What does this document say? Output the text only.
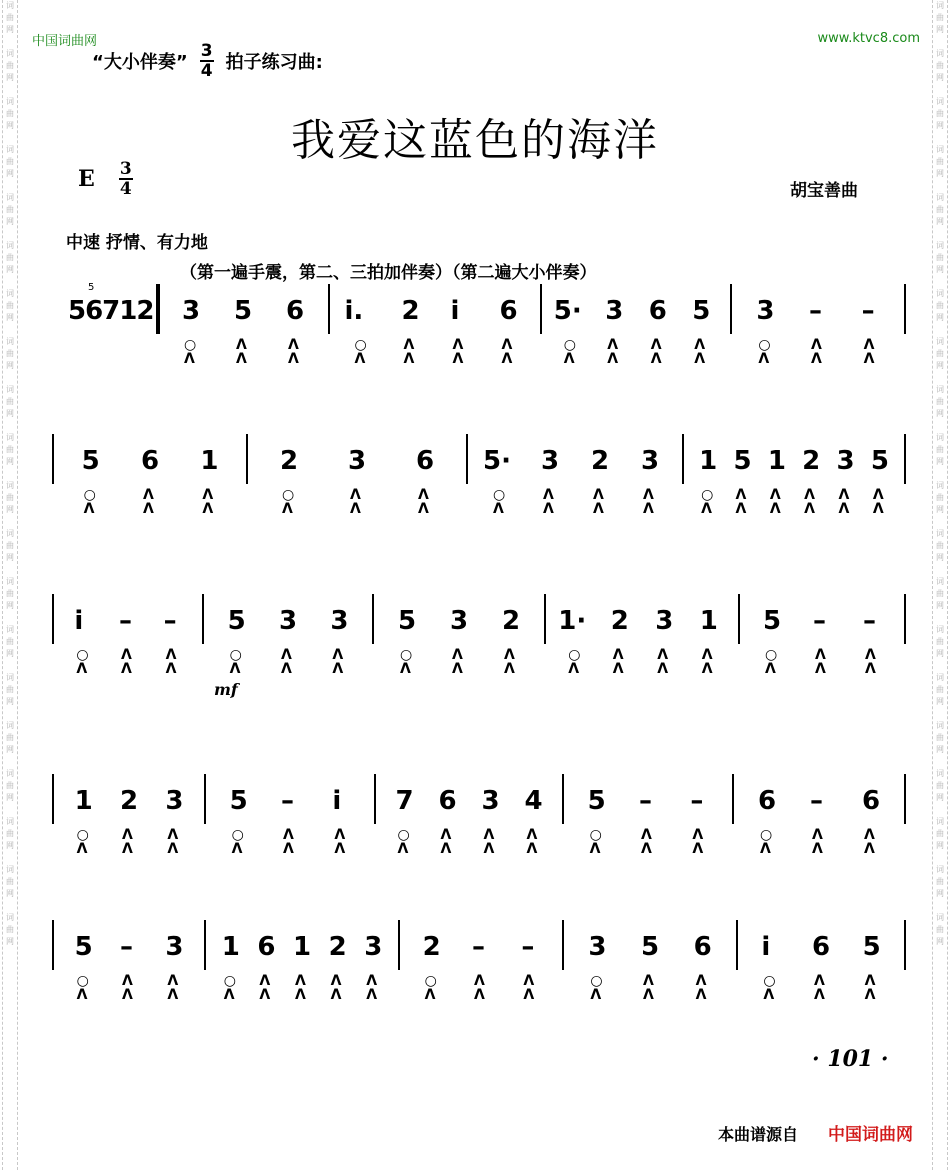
词
曲
网

词
曲
网

词
曲
网

词
曲
网

词
曲
网

词
曲
网

词
曲
网

词
曲
网

词
曲
网

词
曲
网

词
曲
网

词
曲
网

词
曲
网

词
曲
网

词
曲
网

词
曲
网

词
曲
网

词
曲
网

词
曲
网

词
曲
网

词
曲
网

词
曲
网

词
曲
网

词
曲
网

词
曲
网

词
曲
网

词
曲
网

词
曲
网

词
曲
网

词
曲
网

词
曲
网

词
曲
网

词
曲
网

词
曲
网

词
曲
网

词
曲
网

词
曲
网

词
曲
网

词
曲
网

词
曲
网

中国词曲网	www.ktvc8.com
“大小伴奏” $\frac{3}{4}$ 拍子练习曲:
我爱这蓝色的海洋
E $\frac{3}{4}$	胡宝善曲
中速 抒情、有力地
（第一遍手震，第二、三拍加伴奏）（第二遍大小伴奏）
5
mf
56712 3
○
Λ
5
Λ
Λ
6
Λ
Λ
i.
○
Λ
2
Λ
Λ
i
Λ
Λ
6
Λ
Λ
5·
○
Λ
3
Λ
Λ
6
Λ
Λ
5
Λ
Λ
3
○
Λ
–
Λ
Λ
–
Λ
Λ
5
○
Λ
6
Λ
Λ
1
Λ
Λ
2
○
Λ
3
Λ
Λ
6
Λ
Λ
5·
○
Λ
3
Λ
Λ
2
Λ
Λ
3
Λ
Λ
1
○
Λ
5
Λ
Λ
1
Λ
Λ
2
Λ
Λ
3
Λ
Λ
5
Λ
Λ
i
○
Λ
–
Λ
Λ
–
Λ
Λ
5
○
Λ
3
Λ
Λ
3
Λ
Λ
5
○
Λ
3
Λ
Λ
2
Λ
Λ
1·
○
Λ
2
Λ
Λ
3
Λ
Λ
1
Λ
Λ
5
○
Λ
–
Λ
Λ
–
Λ
Λ
1
○
Λ
2
Λ
Λ
3
Λ
Λ
5
○
Λ
–
Λ
Λ
i
Λ
Λ
7
○
Λ
6
Λ
Λ
3
Λ
Λ
4
Λ
Λ
5
○
Λ
–
Λ
Λ
–
Λ
Λ
6
○
Λ
–
Λ
Λ
6
Λ
Λ
5
○
Λ
–
Λ
Λ
3
Λ
Λ
1
○
Λ
6
Λ
Λ
1
Λ
Λ
2
Λ
Λ
3
Λ
Λ
2
○
Λ
–
Λ
Λ
–
Λ
Λ
3
○
Λ
5
Λ
Λ
6
Λ
Λ
i
○
Λ
6
Λ
Λ
5
Λ
Λ
· 101 ·
本曲谱源自 中国词曲网
